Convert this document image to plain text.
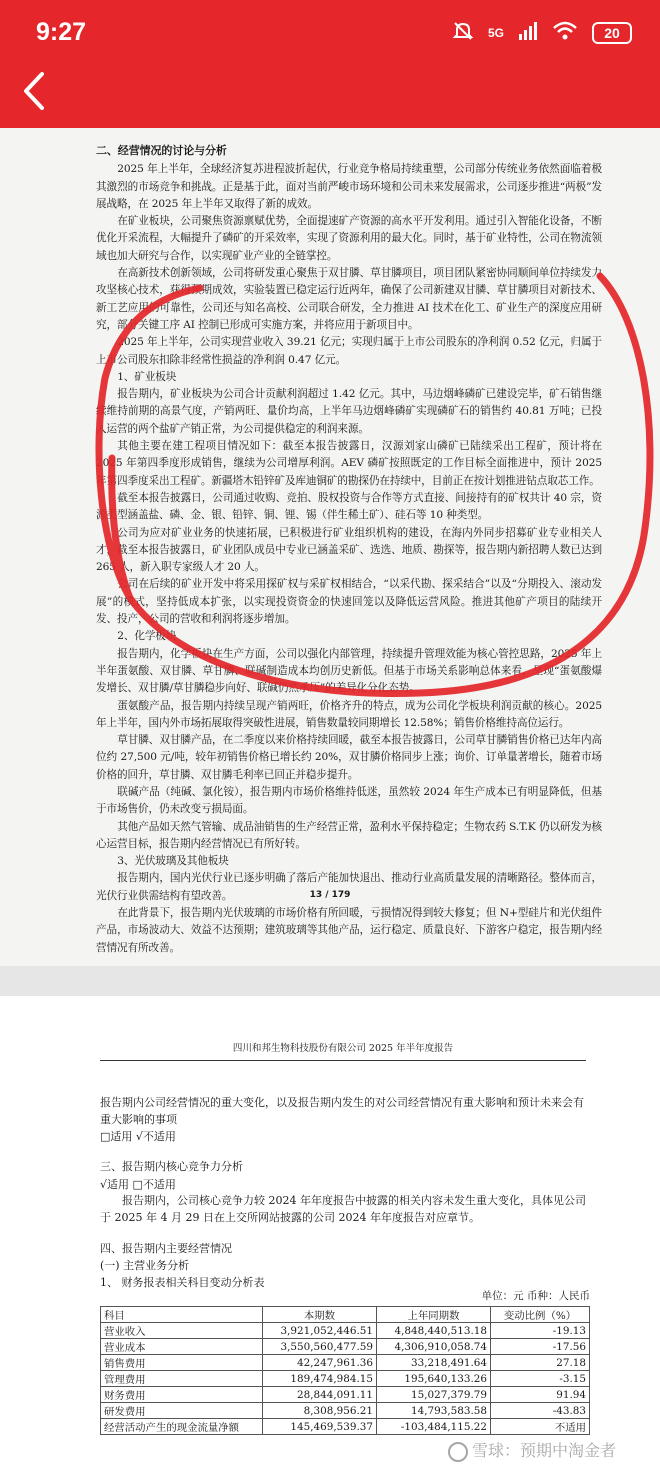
9:27	5G	20
二、经营情况的讨论与分析

2025 年上半年，全球经济复苏进程波折起伏，行业竞争格局持续重塑，公司部分传统业务依然面临着极其激烈的市场竞争和挑战。正是基于此，面对当前严峻市场环境和公司未来发展需求，公司逐步推进“两极”发展战略，在 2025 年上半年又取得了新的成效。

在矿业板块，公司聚焦资源禀赋优势，全面提速矿产资源的高水平开发利用。通过引入智能化设备，不断优化开采流程，大幅提升了磷矿的开采效率，实现了资源利用的最大化。同时，基于矿业特性，公司在物流领域也加大研究与合作，以实现矿业产业的全链掌控。

在高新技术创新领域，公司将研发重心聚焦于双甘膦、草甘膦项目，项目团队紧密协同顺间单位持续发力攻坚核心技术，获得预期成效，实验装置已稳定运行近两年，确保了公司新建双甘膦、草甘膦项目对新技术、新工艺应用的可靠性，公司还与知名高校、公司联合研发，全力推进 AI 技术在化工、矿业生产的深度应用研究，部分关键工序 AI 控制已形成可实施方案，并将应用于新项目中。

2025 年上半年，公司实现营业收入 39.21 亿元；实现归属于上市公司股东的净利润 0.52 亿元，归属于上市公司股东扣除非经常性损益的净利润 0.47 亿元。

1、矿业板块

报告期内，矿业板块为公司合计贡献利润超过 1.42 亿元。其中，马边烟峰磷矿已建设完毕，矿石销售继续维持前期的高景气度，产销两旺、量价均高，上半年马边烟峰磷矿实现磷矿石的销售约 40.81 万吨；已投入运营的两个盐矿产销正常，为公司提供稳定的利润来源。

其他主要在建工程项目情况如下：截至本报告披露日，汉源刘家山磷矿已陆续采出工程矿，预计将在 2025 年第四季度形成销售，继续为公司增厚利润。AEV 磷矿按照既定的工作目标全面推进中，预计 2025 年第四季度采出工程矿。新疆塔木铅锌矿及库迪铜矿的勘探仍在持续中，目前正在按计划推进钻点取芯工作。

截至本报告披露日，公司通过收购、竞拍、股权投资与合作等方式直接、间接持有的矿权共计 40 宗，资源类型涵盖盐、磷、金、银、铅锌、铜、锂、锡（伴生稀土矿）、硅石等 10 种类型。

公司为应对矿业业务的快速拓展，已积极进行矿业组织机构的建设，在海内外同步招募矿业专业相关人才，截至本报告披露日，矿业团队成员中专业已涵盖采矿、选选、地质、勘探等，报告期内新招聘人数已达到 265 人，新入职专家级人才 20 人。

公司在后续的矿业开发中将采用探矿权与采矿权相结合，“以采代勘、探采结合”以及“分期投入、滚动发展”的模式，坚持低成本扩张，以实现投资资金的快速回笼以及降低运营风险。推进其他矿产项目的陆续开发、投产，公司的营收和利润将逐步增加。

2、化学板块

报告期内，化学板块在生产方面，公司以强化内部管理，持续提升管理效能为核心管控思路，2025 年上半年蛋氨酸、双甘膦、草甘膦、联碱制造成本均创历史新低。但基于市场关系影响总体来看，呈现“蛋氨酸爆发增长、双甘膦/草甘膦稳步向好、联碱仍然承压”的差异化分化态势。

蛋氨酸产品，报告期内持续呈现产销两旺，价格齐升的特点，成为公司化学板块利润贡献的核心。2025 年上半年，国内外市场拓展取得突破性进展，销售数量较同期增长 12.58%；销售价格维持高位运行。

草甘膦、双甘膦产品，在二季度以来价格持续回暖，截至本报告披露日，公司草甘膦销售价格已达年内高位约 27,500 元/吨，较年初销售价格已增长约 20%，双甘膦价格同步上涨；询价、订单量著增长，随着市场价格的回升，草甘膦、双甘膦毛利率已回正并稳步提升。

联碱产品（纯碱、氯化铵），报告期内市场价格维持低迷，虽然较 2024 年生产成本已有明显降低，但基于市场售价，仍未改变亏损局面。

其他产品如天然气管输、成品油销售的生产经营正常，盈利水平保持稳定；生物农药 S.T.K 仍以研发为核心运营目标，报告期内经营情况已有所好转。

3、光伏玻璃及其他板块

报告期内，国内光伏行业已逐步明确了落后产能加快退出、推动行业高质量发展的清晰路径。整体而言，光伏行业供需结构有望改善。

在此背景下，报告期内光伏玻璃的市场价格有所回暖，亏损情况得到较大修复；但 N+型硅片和光伏组件产品，市场波动大、效益不达预期；建筑玻璃等其他产品，运行稳定、质量良好、下游客户稳定，报告期内经营情况有所改善。

13 / 179
四川和邦生物科技股份有限公司 2025 年半年度报告
报告期内公司经营情况的重大变化，以及报告期内发生的对公司经营情况有重大影响和预计未来会有重大影响的事项
□适用 √不适用
三、报告期内核心竞争力分析
√适用 □不适用
报告期内，公司核心竞争力较 2024 年年度报告中披露的相关内容未发生重大变化，具体见公司于 2025 年 4 月 29 日在上交所网站披露的公司 2024 年年度报告对应章节。
四、报告期内主要经营情况
(一) 主营业务分析
1、 财务报表相关科目变动分析表
单位：元 币种：人民币
科目	本期数	上年同期数	变动比例（%）
营业收入	3,921,052,446.51	4,848,440,513.18	-19.13
营业成本	3,550,560,477.59	4,306,910,058.74	-17.56
销售费用	42,247,961.36	33,218,491.64	27.18
管理费用	189,474,984.15	195,640,133.26	-3.15
财务费用	28,844,091.11	15,027,379.79	91.94
研发费用	8,308,956.21	14,793,583.58	-43.83
经营活动产生的现金流量净额	145,469,539.37	-103,484,115.22	不适用
雪球：预期中淘金者
